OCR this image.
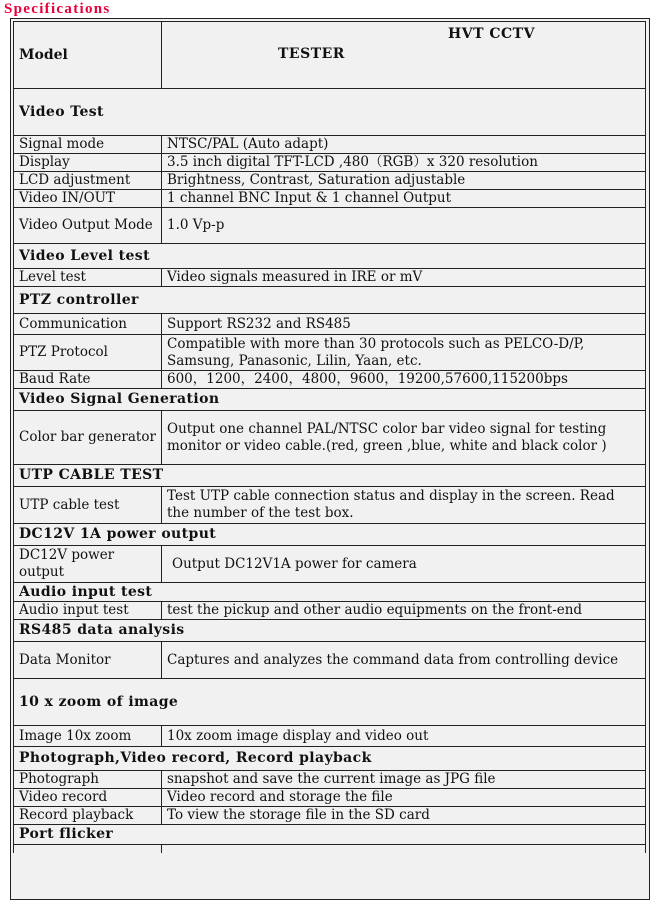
Specifications
Model	HVT CCTV
TESTER

Video Test	
Signal mode	NTSC/PAL (Auto adapt)
Display	3.5 inch digital TFT-LCD ,480（RGB）x 320 resolution
LCD adjustment	Brightness, Contrast, Saturation adjustable
Video IN/OUT	1 channel BNC Input & 1 channel Output
Video Output Mode	1.0 Vp-p
Video Level test	
Level test	Video signals measured in IRE or mV
PTZ controller	
Communication	Support RS232 and RS485
PTZ Protocol	Compatible with more than 30 protocols such as PELCO-D/P, Samsung, Panasonic, Lilin, Yaan, etc.
Baud Rate	600，1200，2400，4800，9600，19200,57600,115200bps
Video Signal Generation	
Color bar generator	Output one channel PAL/NTSC color bar video signal for testing monitor or video cable.(red, green ,blue, white and black color )
UTP CABLE TEST	
UTP cable test	Test UTP cable connection status and display in the screen. Read the number of the test box.
DC12V 1A power output	
DC12V power output	Output DC12V1A power for camera
Audio input test	
Audio input test	test the pickup and other audio equipments on the front-end
RS485 data analysis	
Data Monitor	Captures and analyzes the command data from controlling device
10 x zoom of image	
Image 10x zoom	10x zoom image display and video out
Photograph,Video record, Record playback	
Photograph	snapshot and save the current image as JPG file
Video record	Video record and storage the file
Record playback	To view the storage file in the SD card
Port flicker	
